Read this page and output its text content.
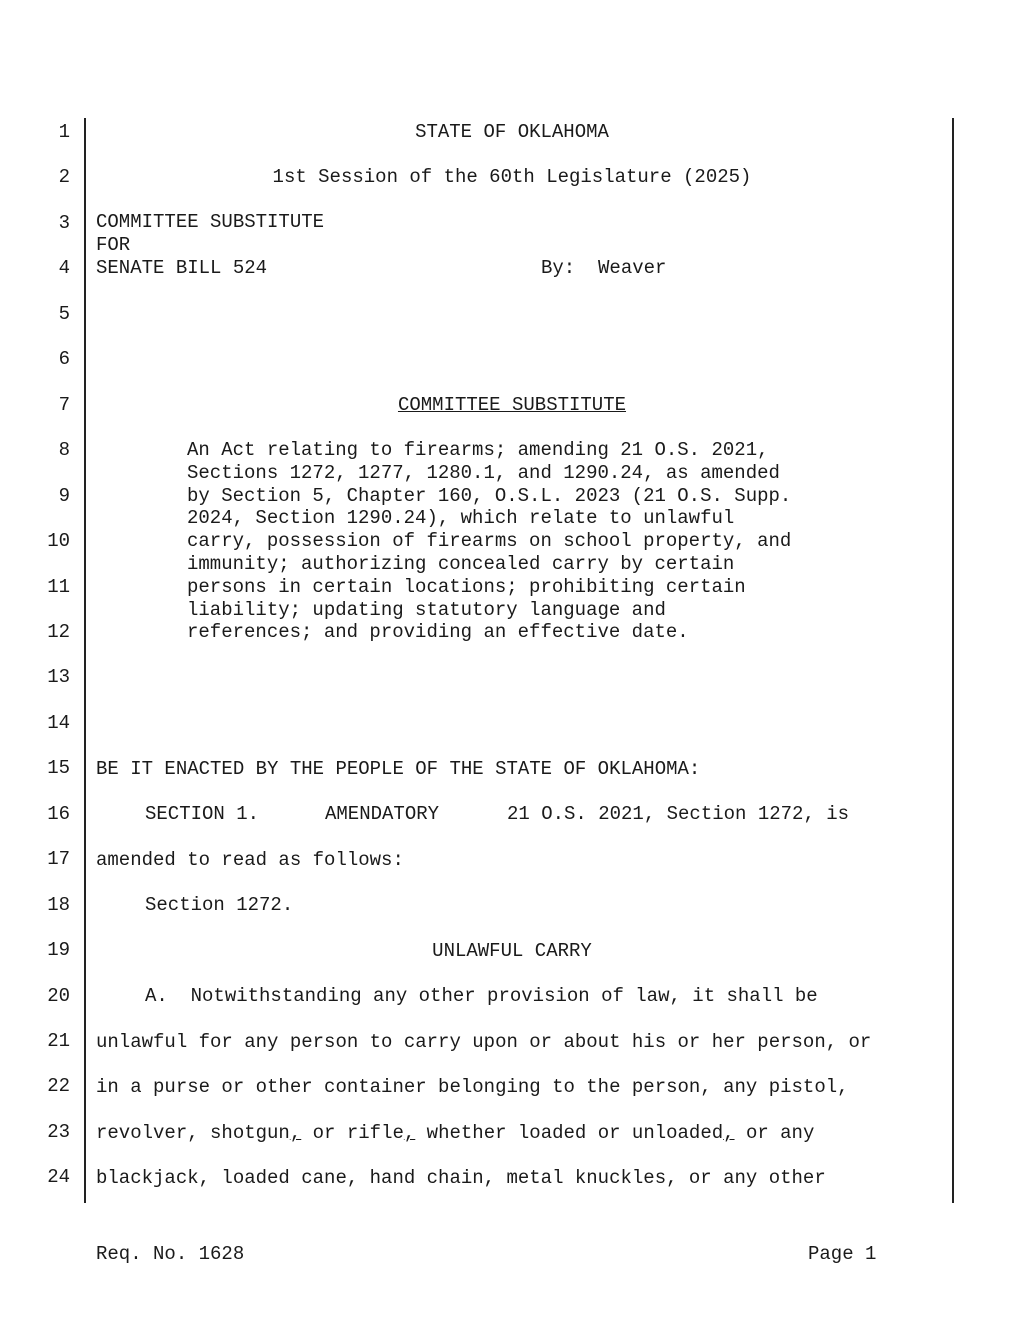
1
2
3
4
5
6
7
8
9
10
11
12
13
14
15
16
17
18
19
20
21
22
23
24
STATE OF OKLAHOMA
1st Session of the 60th Legislature (2025)
COMMITTEE SUBSTITUTE
FOR
SENATE BILL 524	By:  Weaver
COMMITTEE SUBSTITUTE
An Act relating to firearms; amending 21 O.S. 2021,
Sections 1272, 1277, 1280.1, and 1290.24, as amended
by Section 5, Chapter 160, O.S.L. 2023 (21 O.S. Supp.
2024, Section 1290.24), which relate to unlawful
carry, possession of firearms on school property, and
immunity; authorizing concealed carry by certain
persons in certain locations; prohibiting certain
liability; updating statutory language and
references; and providing an effective date.
BE IT ENACTED BY THE PEOPLE OF THE STATE OF OKLAHOMA:
SECTION 1.	AMENDATORY	21 O.S. 2021, Section 1272, is
amended to read as follows:
Section 1272.
UNLAWFUL CARRY
A.  Notwithstanding any other provision of law, it shall be
unlawful for any person to carry upon or about his or her person, or
in a purse or other container belonging to the person, any pistol,
revolver, shotgun, or rifle, whether loaded or unloaded, or any
blackjack, loaded cane, hand chain, metal knuckles, or any other
Req. No. 1628	Page 1
